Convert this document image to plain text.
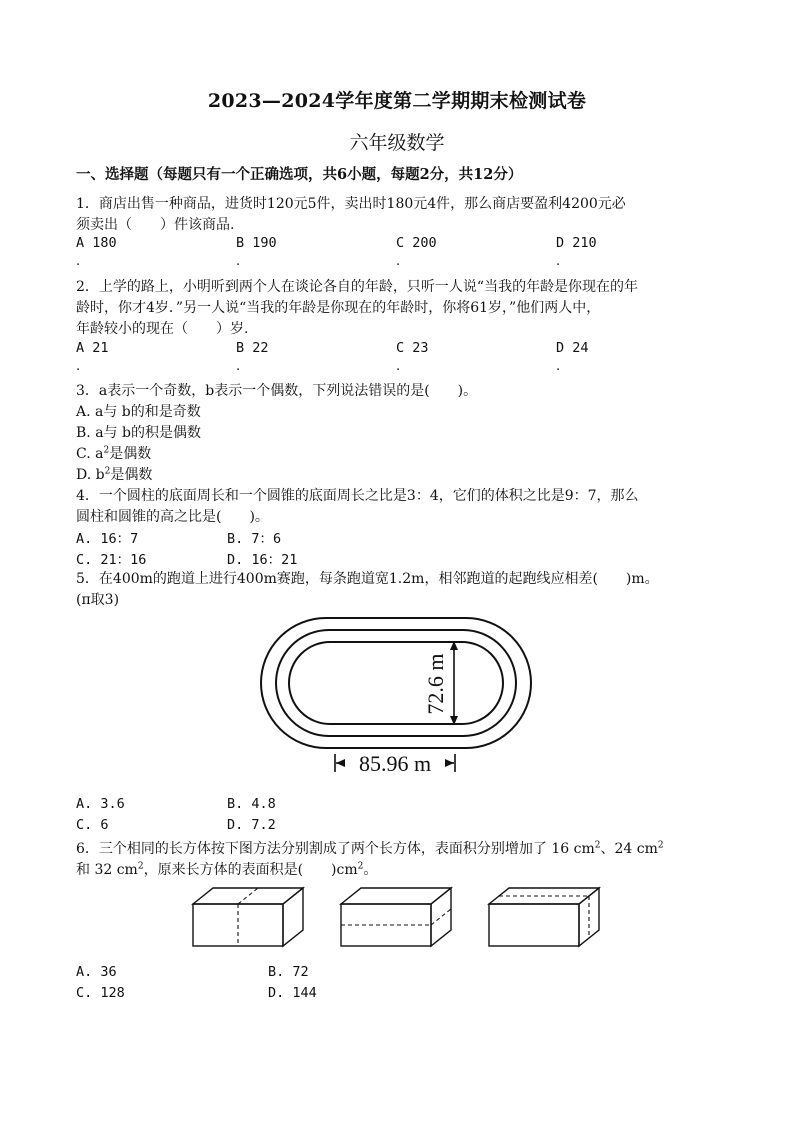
2023—2024学年度第二学期期末检测试卷
六年级数学
一、选择题（每题只有一个正确选项，共6小题，每题2分，共12分）
1．商店出售一种商品，进货时120元5件，卖出时180元4件，那么商店要盈利4200元必
须卖出（　　）件该商品.
A 180	B 190	C 200	D 210
.	.	.	.
2．上学的路上，小明听到两个人在谈论各自的年龄，只听一人说“当我的年龄是你现在的年
龄时，你才4岁．”另一人说“当我的年龄是你现在的年龄时，你将61岁，”他们两人中，
年龄较小的现在（　　）岁.
A 21	B 22	C 23	D 24
.	.	.	.
3．a表示一个奇数，b表示一个偶数，下列说法错误的是(　　)。
A. a与 b的和是奇数
B. a与 b的积是偶数
C. $a^2$是偶数
D. $b^2$是偶数
4．一个圆柱的底面周长和一个圆锥的底面周长之比是3：4，它们的体积之比是9：7，那么
圆柱和圆锥的高之比是(　　)。
A. 16：7	B. 7：6
C. 21：16	D. 16：21
5．在400m的跑道上进行400m赛跑，每条跑道宽1.2m，相邻跑道的起跑线应相差(　　)m。
(π取3)
72.6 m
85.96 m
A. 3.6	B. 4.8
C. 6	D. 7.2
6．三个相同的长方体按下图方法分别割成了两个长方体，表面积分别增加了 16 $cm^2$、24 $cm^2$
和 32 $cm^2$，原来长方体的表面积是(　　)$cm^2$。
A. 36	B. 72
C. 128	D. 144
